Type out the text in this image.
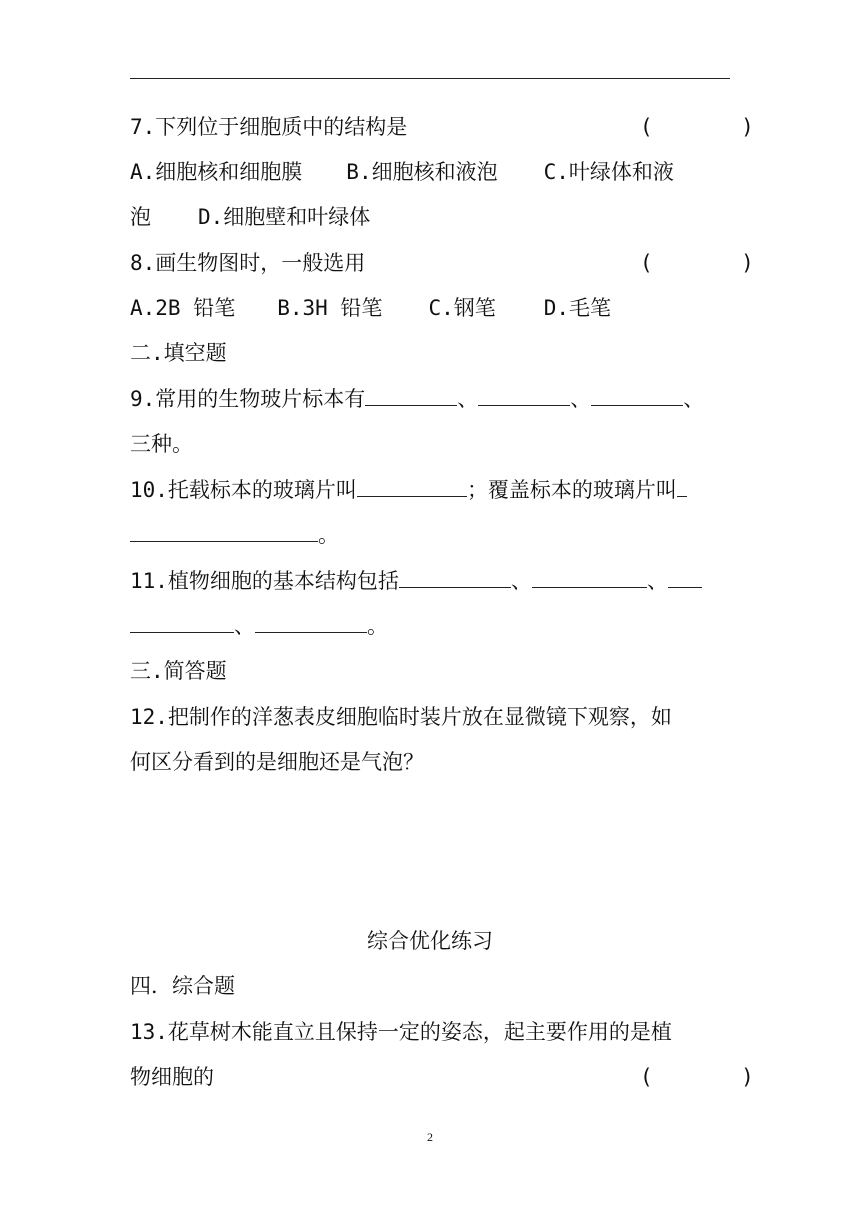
7.下列位于细胞质中的结构是	(       )
A.细胞核和细胞膜 B.细胞核和液泡 C.叶绿体和液
泡 D.细胞壁和叶绿体
8.画生物图时，一般选用	(       )
A.2B 铅笔 B.3H 铅笔 C.钢笔 D.毛笔
二.填空题
9.常用的生物玻片标本有	、	、	、
三种。
10.托载标本的玻璃片叫	；覆盖标本的玻璃片叫
。
11.植物细胞的基本结构包括	、	、
、	。
三.简答题
12.把制作的洋葱表皮细胞临时装片放在显微镜下观察，如
何区分看到的是细胞还是气泡？
综合优化练习
四．综合题
13.花草树木能直立且保持一定的姿态，起主要作用的是植
物细胞的	(       )
2
